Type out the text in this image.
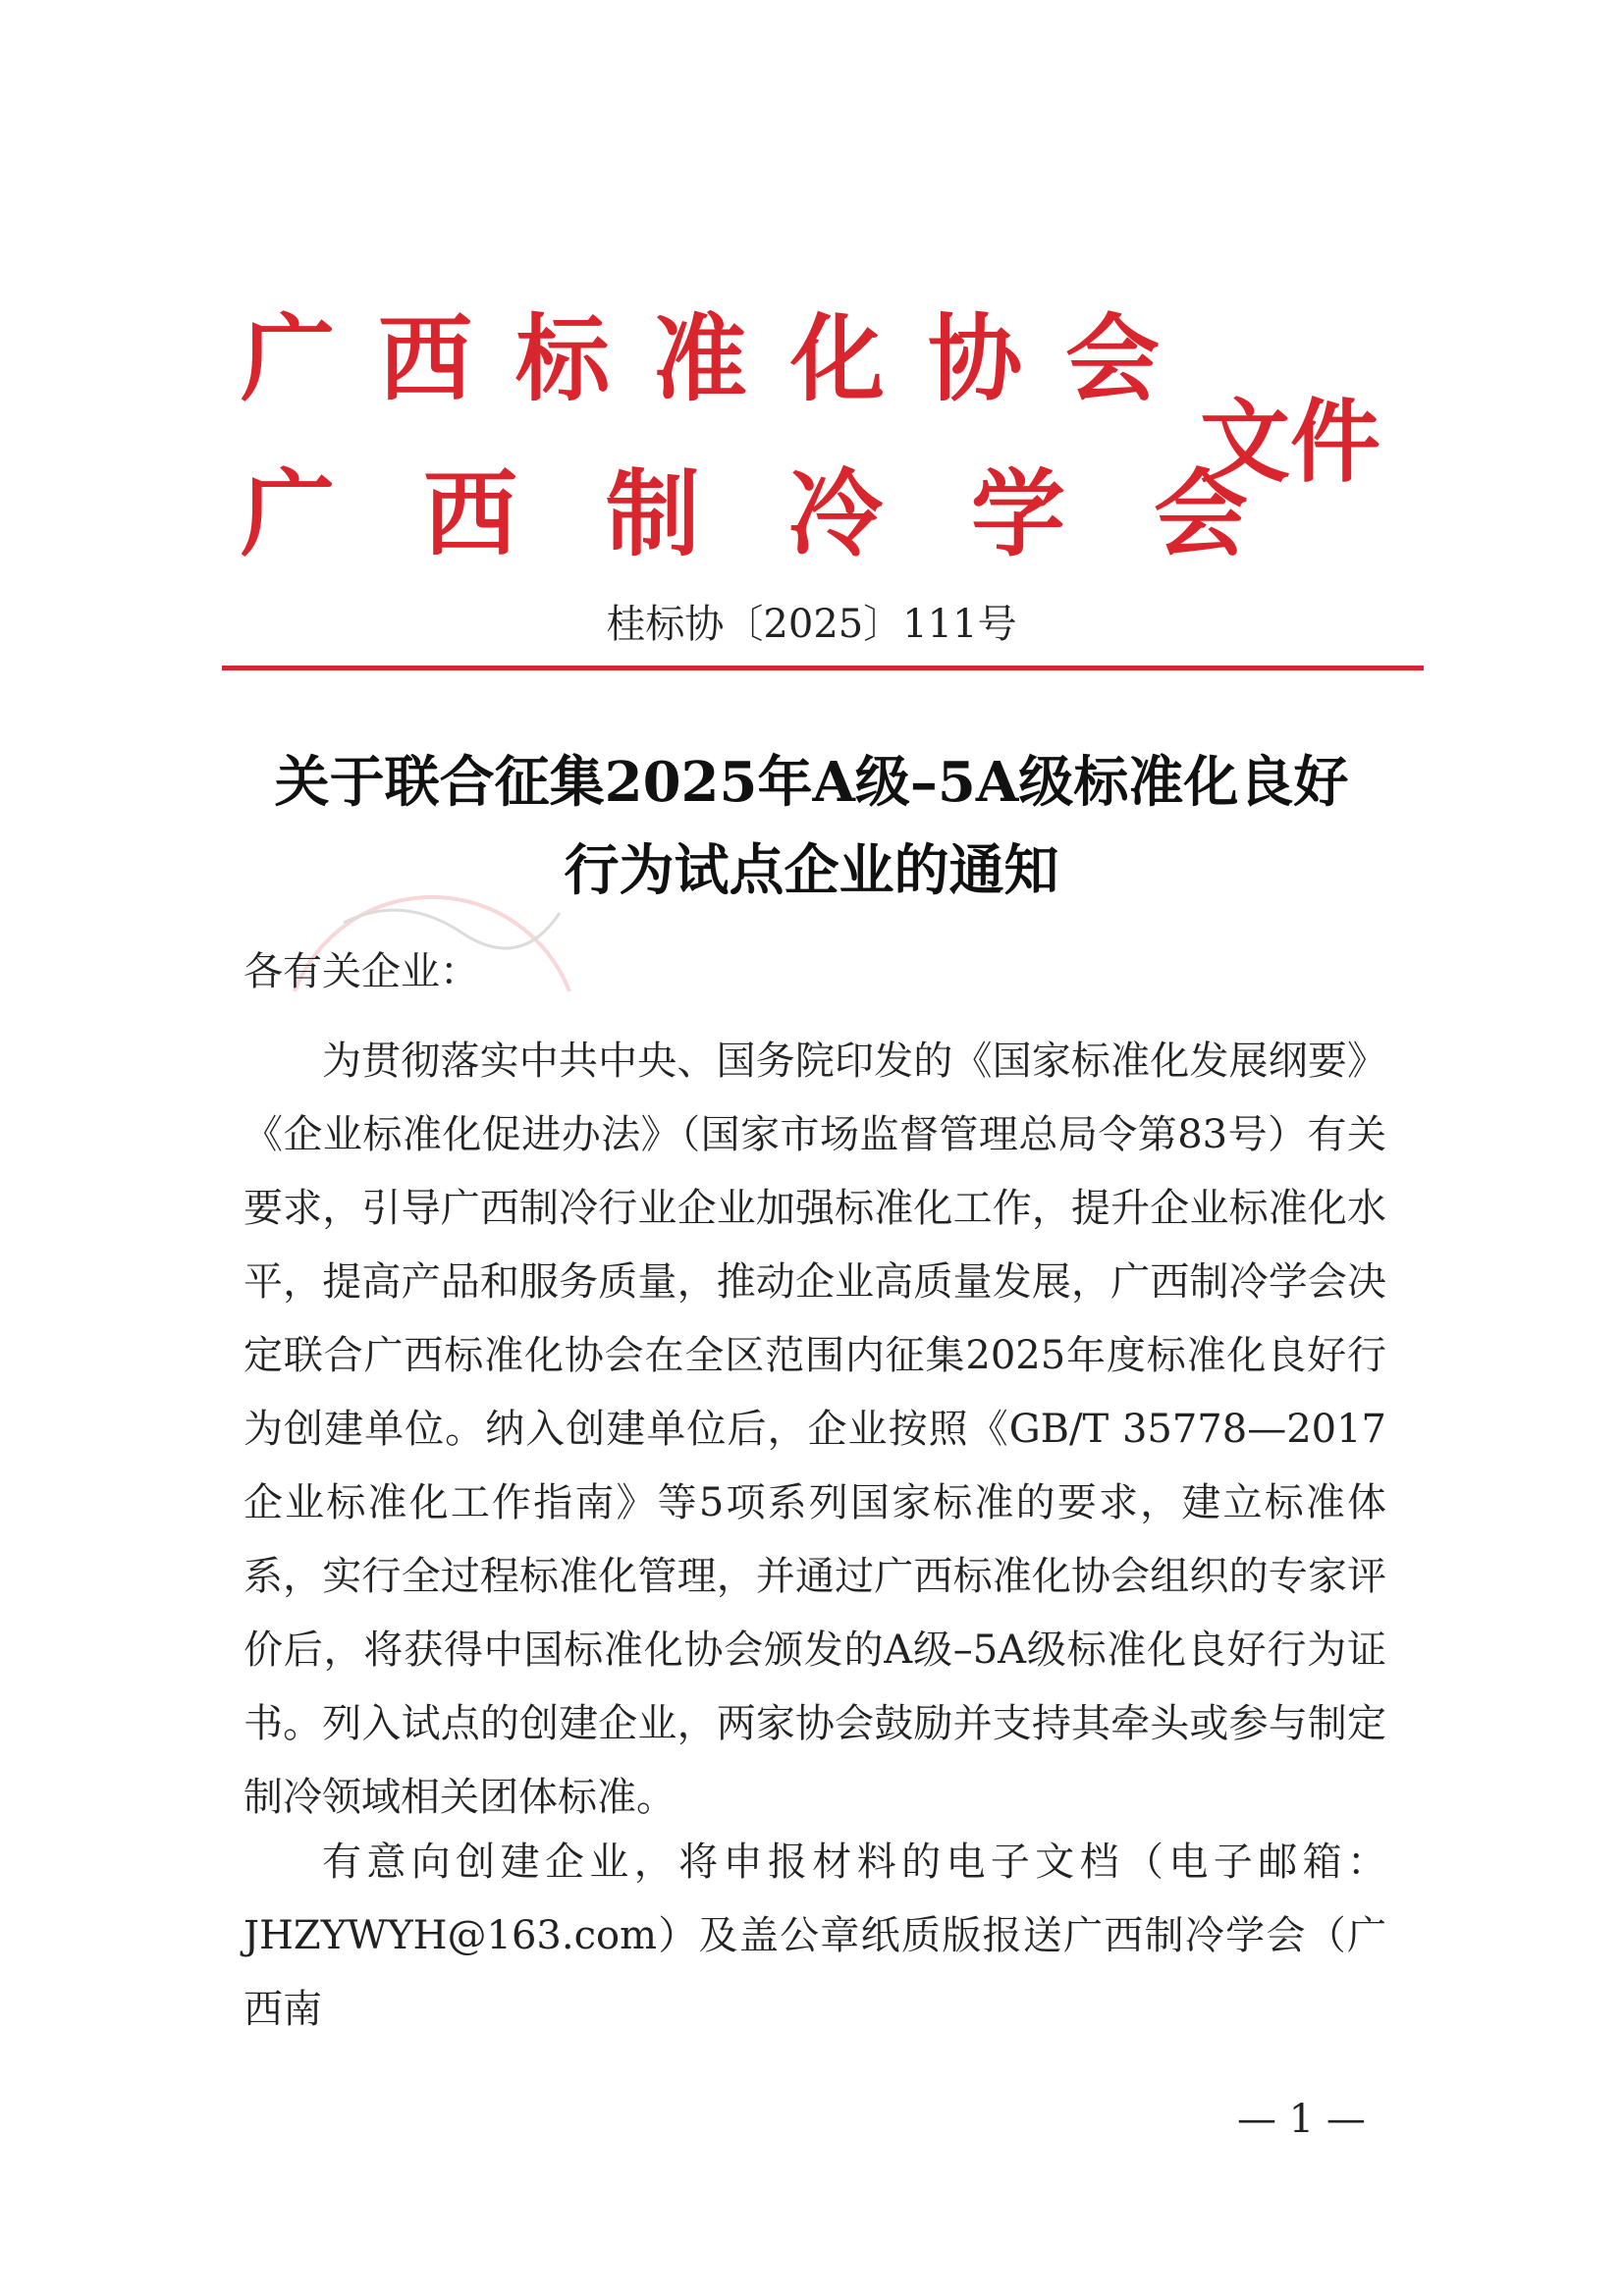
广西标准化协会
广西制冷学会
文件
桂标协〔2025〕111号
关于联合征集2025年A级–5A级标准化良好
行为试点企业的通知
各有关企业：

为贯彻落实中共中央、国务院印发的《国家标准化发展纲要》《企业标准化促进办法》（国家市场监督管理总局令第83号）有关要求，引导广西制冷行业企业加强标准化工作，提升企业标准化水平，提高产品和服务质量，推动企业高质量发展，广西制冷学会决定联合广西标准化协会在全区范围内征集2025年度标准化良好行为创建单位。纳入创建单位后，企业按照《GB/T 35778—2017 企业标准化工作指南》等5项系列国家标准的要求，建立标准体系，实行全过程标准化管理，并通过广西标准化协会组织的专家评价后，将获得中国标准化协会颁发的A级–5A级标准化良好行为证书。列入试点的创建企业，两家协会鼓励并支持其牵头或参与制定制冷领域相关团体标准。

有意向创建企业，将申报材料的电子文档（电子邮箱：JHZYWYH@163.com）及盖公章纸质版报送广西制冷学会（广西南

— 1 —
